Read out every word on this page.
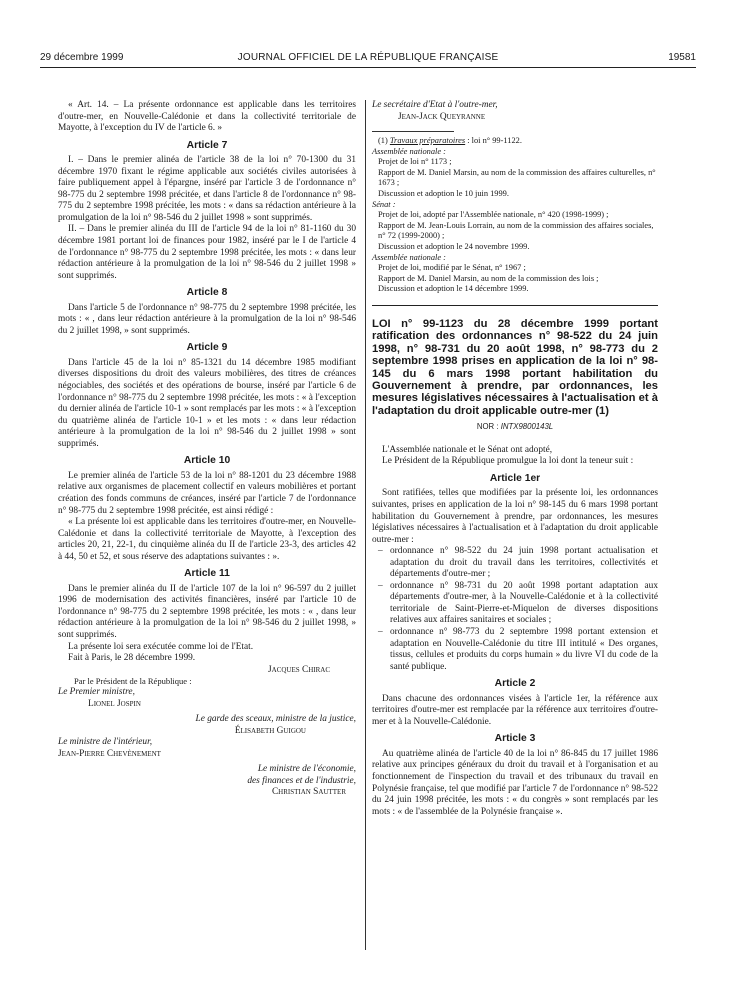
29 décembre 1999	JOURNAL OFFICIEL DE LA RÉPUBLIQUE FRANÇAISE	19581

« Art. 14. – La présente ordonnance est applicable dans les territoires d'outre-mer, en Nouvelle-Calédonie et dans la collectivité territoriale de Mayotte, à l'exception du IV de l'article 6. »

Article 7

I. – Dans le premier alinéa de l'article 38 de la loi n° 70-1300 du 31 décembre 1970 fixant le régime applicable aux sociétés civiles autorisées à faire publiquement appel à l'épargne, inséré par l'article 3 de l'ordonnance n° 98-775 du 2 septembre 1998 précitée, et dans l'article 8 de l'ordonnance n° 98-775 du 2 septembre 1998 précitée, les mots : « dans sa rédaction antérieure à la promulgation de la loi n° 98-546 du 2 juillet 1998 » sont supprimés.

II. – Dans le premier alinéa du III de l'article 94 de la loi n° 81-1160 du 30 décembre 1981 portant loi de finances pour 1982, inséré par le I de l'article 4 de l'ordonnance n° 98-775 du 2 septembre 1998 précitée, les mots : « dans leur rédaction antérieure à la promulgation de la loi n° 98-546 du 2 juillet 1998 » sont supprimés.

Article 8

Dans l'article 5 de l'ordonnance n° 98-775 du 2 septembre 1998 précitée, les mots : « , dans leur rédaction antérieure à la promulgation de la loi n° 98-546 du 2 juillet 1998, » sont supprimés.

Article 9

Dans l'article 45 de la loi n° 85-1321 du 14 décembre 1985 modifiant diverses dispositions du droit des valeurs mobilières, des titres de créances négociables, des sociétés et des opérations de bourse, inséré par l'article 6 de l'ordonnance n° 98-775 du 2 septembre 1998 précitée, les mots : « à l'exception du dernier alinéa de l'article 10-1 » sont remplacés par les mots : « à l'exception du quatrième alinéa de l'article 10-1 » et les mots : « dans leur rédaction antérieure à la promulgation de la loi n° 98-546 du 2 juillet 1998 » sont supprimés.

Article 10

Le premier alinéa de l'article 53 de la loi n° 88-1201 du 23 décembre 1988 relative aux organismes de placement collectif en valeurs mobilières et portant création des fonds communs de créances, inséré par l'article 7 de l'ordonnance n° 98-775 du 2 septembre 1998 précitée, est ainsi rédigé :

« La présente loi est applicable dans les territoires d'outre-mer, en Nouvelle-Calédonie et dans la collectivité territoriale de Mayotte, à l'exception des articles 20, 21, 22-1, du cinquième alinéa du II de l'article 23-3, des articles 42 à 44, 50 et 52, et sous réserve des adaptations suivantes : ».

Article 11

Dans le premier alinéa du II de l'article 107 de la loi n° 96-597 du 2 juillet 1996 de modernisation des activités financières, inséré par l'article 10 de l'ordonnance n° 98-775 du 2 septembre 1998 précitée, les mots : « , dans leur rédaction antérieure à la promulgation de la loi n° 98-546 du 2 juillet 1998, » sont supprimés.

La présente loi sera exécutée comme loi de l'Etat.

Fait à Paris, le 28 décembre 1999.

Jacques Chirac
Par le Président de la République :
Le Premier ministre,
Lionel Jospin
Le garde des sceaux, ministre de la justice,
Élisabeth Guigou
Le ministre de l'intérieur,
Jean-Pierre Chevènement
Le ministre de l'économie,
des finances et de l'industrie,
Christian Sautter
Le secrétaire d'Etat à l'outre-mer,
Jean-Jack Queyranne
(1) Travaux préparatoires : loi n° 99-1122.
Assemblée nationale :
Projet de loi n° 1173 ;
Rapport de M. Daniel Marsin, au nom de la commission des affaires culturelles, n° 1673 ;
Discussion et adoption le 10 juin 1999.
Sénat :
Projet de loi, adopté par l'Assemblée nationale, n° 420 (1998-1999) ;
Rapport de M. Jean-Louis Lorrain, au nom de la commission des affaires sociales, n° 72 (1999-2000) ;
Discussion et adoption le 24 novembre 1999.
Assemblée nationale :
Projet de loi, modifié par le Sénat, n° 1967 ;
Rapport de M. Daniel Marsin, au nom de la commission des lois ;
Discussion et adoption le 14 décembre 1999.
LOI n° 99-1123 du 28 décembre 1999 portant ratification des ordonnances n° 98-522 du 24 juin 1998, n° 98-731 du 20 août 1998, n° 98-773 du 2 septembre 1998 prises en application de la loi n° 98-145 du 6 mars 1998 portant habilitation du Gouvernement à prendre, par ordonnances, les mesures législatives nécessaires à l'actualisation et à l'adaptation du droit applicable outre-mer (1)
NOR : INTX9800143L

L'Assemblée nationale et le Sénat ont adopté,

Le Président de la République promulgue la loi dont la teneur suit :

Article 1er

Sont ratifiées, telles que modifiées par la présente loi, les ordonnances suivantes, prises en application de la loi n° 98-145 du 6 mars 1998 portant habilitation du Gouvernement à prendre, par ordonnances, les mesures législatives nécessaires à l'actualisation et à l'adaptation du droit applicable outre-mer :

– ordonnance n° 98-522 du 24 juin 1998 portant actualisation et adaptation du droit du travail dans les territoires, collectivités et départements d'outre-mer ;
– ordonnance n° 98-731 du 20 août 1998 portant adaptation aux départements d'outre-mer, à la Nouvelle-Calédonie et à la collectivité territoriale de Saint-Pierre-et-Miquelon de diverses dispositions relatives aux affaires sanitaires et sociales ;
– ordonnance n° 98-773 du 2 septembre 1998 portant extension et adaptation en Nouvelle-Calédonie du titre III intitulé « Des organes, tissus, cellules et produits du corps humain » du livre VI du code de la santé publique.
Article 2

Dans chacune des ordonnances visées à l'article 1er, la référence aux territoires d'outre-mer est remplacée par la référence aux territoires d'outre-mer et à la Nouvelle-Calédonie.

Article 3

Au quatrième alinéa de l'article 40 de la loi n° 86-845 du 17 juillet 1986 relative aux principes généraux du droit du travail et à l'organisation et au fonctionnement de l'inspection du travail et des tribunaux du travail en Polynésie française, tel que modifié par l'article 7 de l'ordonnance n° 98-522 du 24 juin 1998 précitée, les mots : « du congrès » sont remplacés par les mots : « de l'assemblée de la Polynésie française ».
